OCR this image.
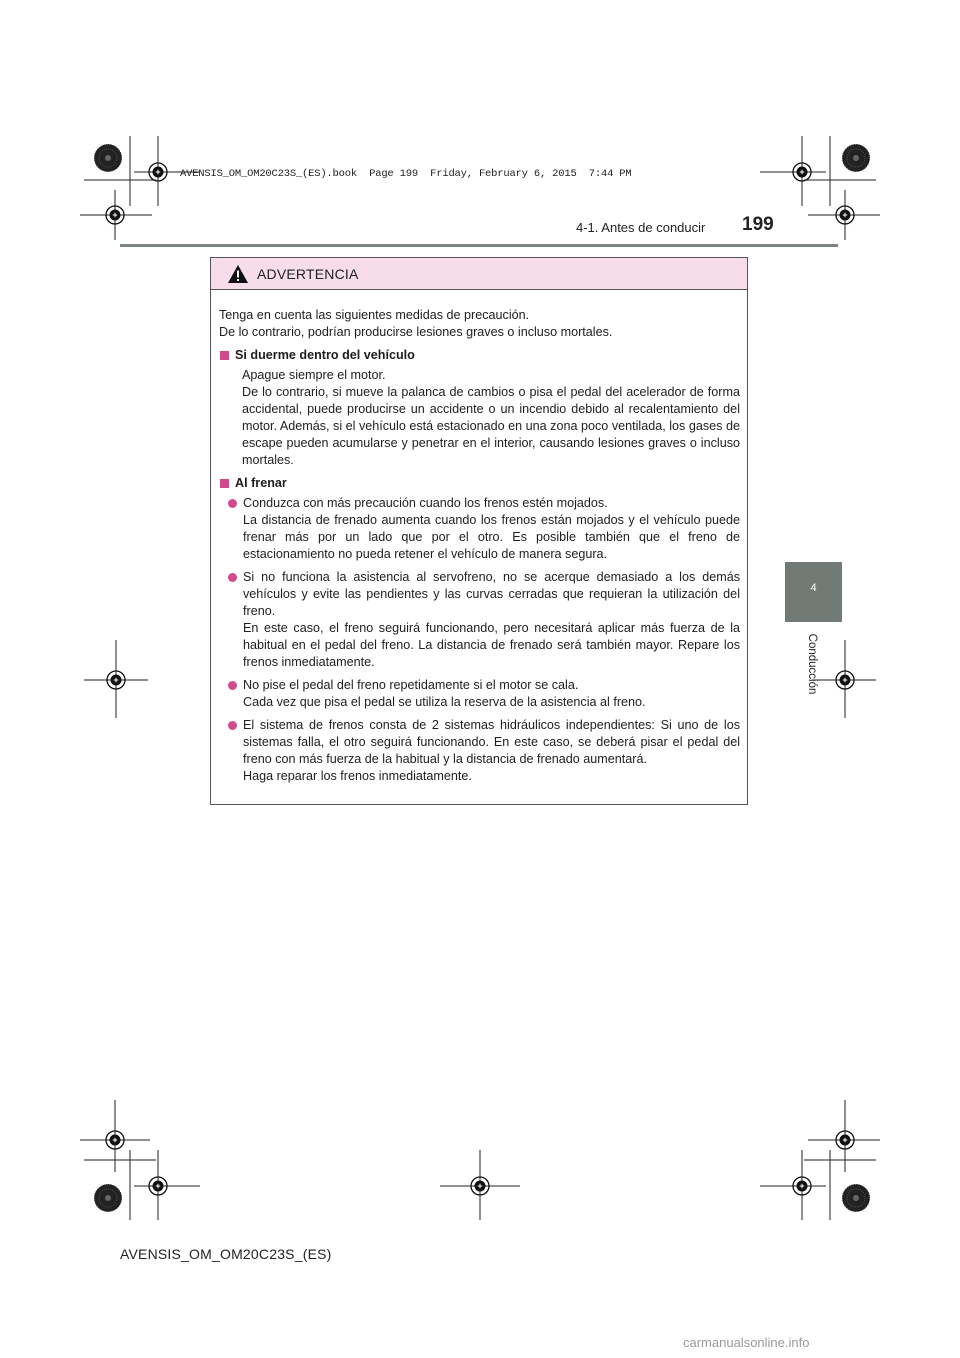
AVENSIS_OM_OM20C23S_(ES).book  Page 199  Friday, February 6, 2015  7:44 PM
4-1. Antes de conducir 199
4
Conducción
ADVERTENCIA

Tenga en cuenta las siguientes medidas de precaución.

De lo contrario, podrían producirse lesiones graves o incluso mortales.

Si duerme dentro del vehículo

Apague siempre el motor.

De lo contrario, si mueve la palanca de cambios o pisa el pedal del acelerador de forma accidental, puede producirse un accidente o un incendio debido al recalentamiento del motor. Además, si el vehículo está estacionado en una zona poco ventilada, los gases de escape pueden acumularse y penetrar en el interior, causando lesiones graves o incluso mortales.

Al frenar

Conduzca con más precaución cuando los frenos estén mojados.

La distancia de frenado aumenta cuando los frenos están mojados y el vehículo puede frenar más por un lado que por el otro. Es posible también que el freno de estacionamiento no pueda retener el vehículo de manera segura.

Si no funciona la asistencia al servofreno, no se acerque demasiado a los demás vehículos y evite las pendientes y las curvas cerradas que requieran la utilización del freno.

En este caso, el freno seguirá funcionando, pero necesitará aplicar más fuerza de la habitual en el pedal del freno. La distancia de frenado será también mayor. Repare los frenos inmediatamente.

No pise el pedal del freno repetidamente si el motor se cala.

Cada vez que pisa el pedal se utiliza la reserva de la asistencia al freno.

El sistema de frenos consta de 2 sistemas hidráulicos independientes: Si uno de los sistemas falla, el otro seguirá funcionando. En este caso, se deberá pisar el pedal del freno con más fuerza de la habitual y la distancia de frenado aumentará.

Haga reparar los frenos inmediatamente.

AVENSIS_OM_OM20C23S_(ES)
carmanualsonline.info
